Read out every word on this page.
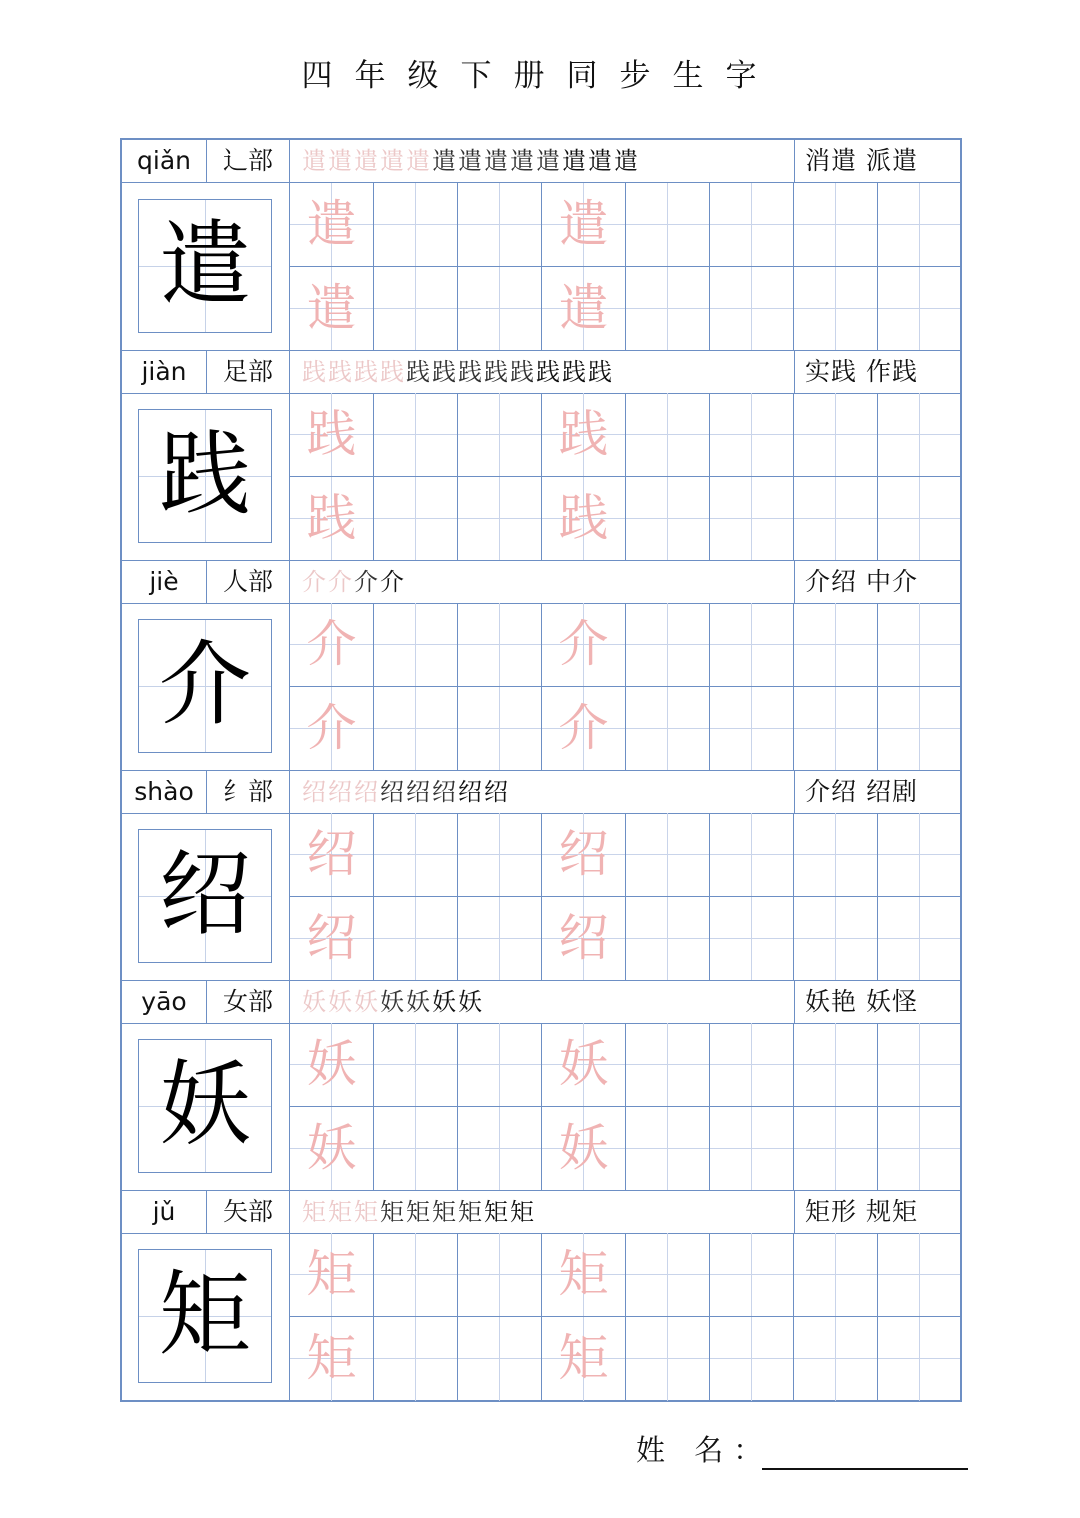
四年级下册同步生字
qiǎn	辶部	遣遣遣遣遣遣遣遣遣遣遣遣遣	消遣 派遣
遣	遣	遣
遣	遣
jiàn	足部	践践践践践践践践践践践践	实践 作践
践	践	践
践	践
jiè	人部	介介介介	介绍 中介
介	介	介
介	介
shào	纟部	绍绍绍绍绍绍绍绍	介绍 绍剧
绍	绍	绍
绍	绍
yāo	女部	妖妖妖妖妖妖妖	妖艳 妖怪
妖	妖	妖
妖	妖
jǔ	矢部	矩矩矩矩矩矩矩矩矩	矩形 规矩
矩	矩	矩
矩	矩
姓 名：
